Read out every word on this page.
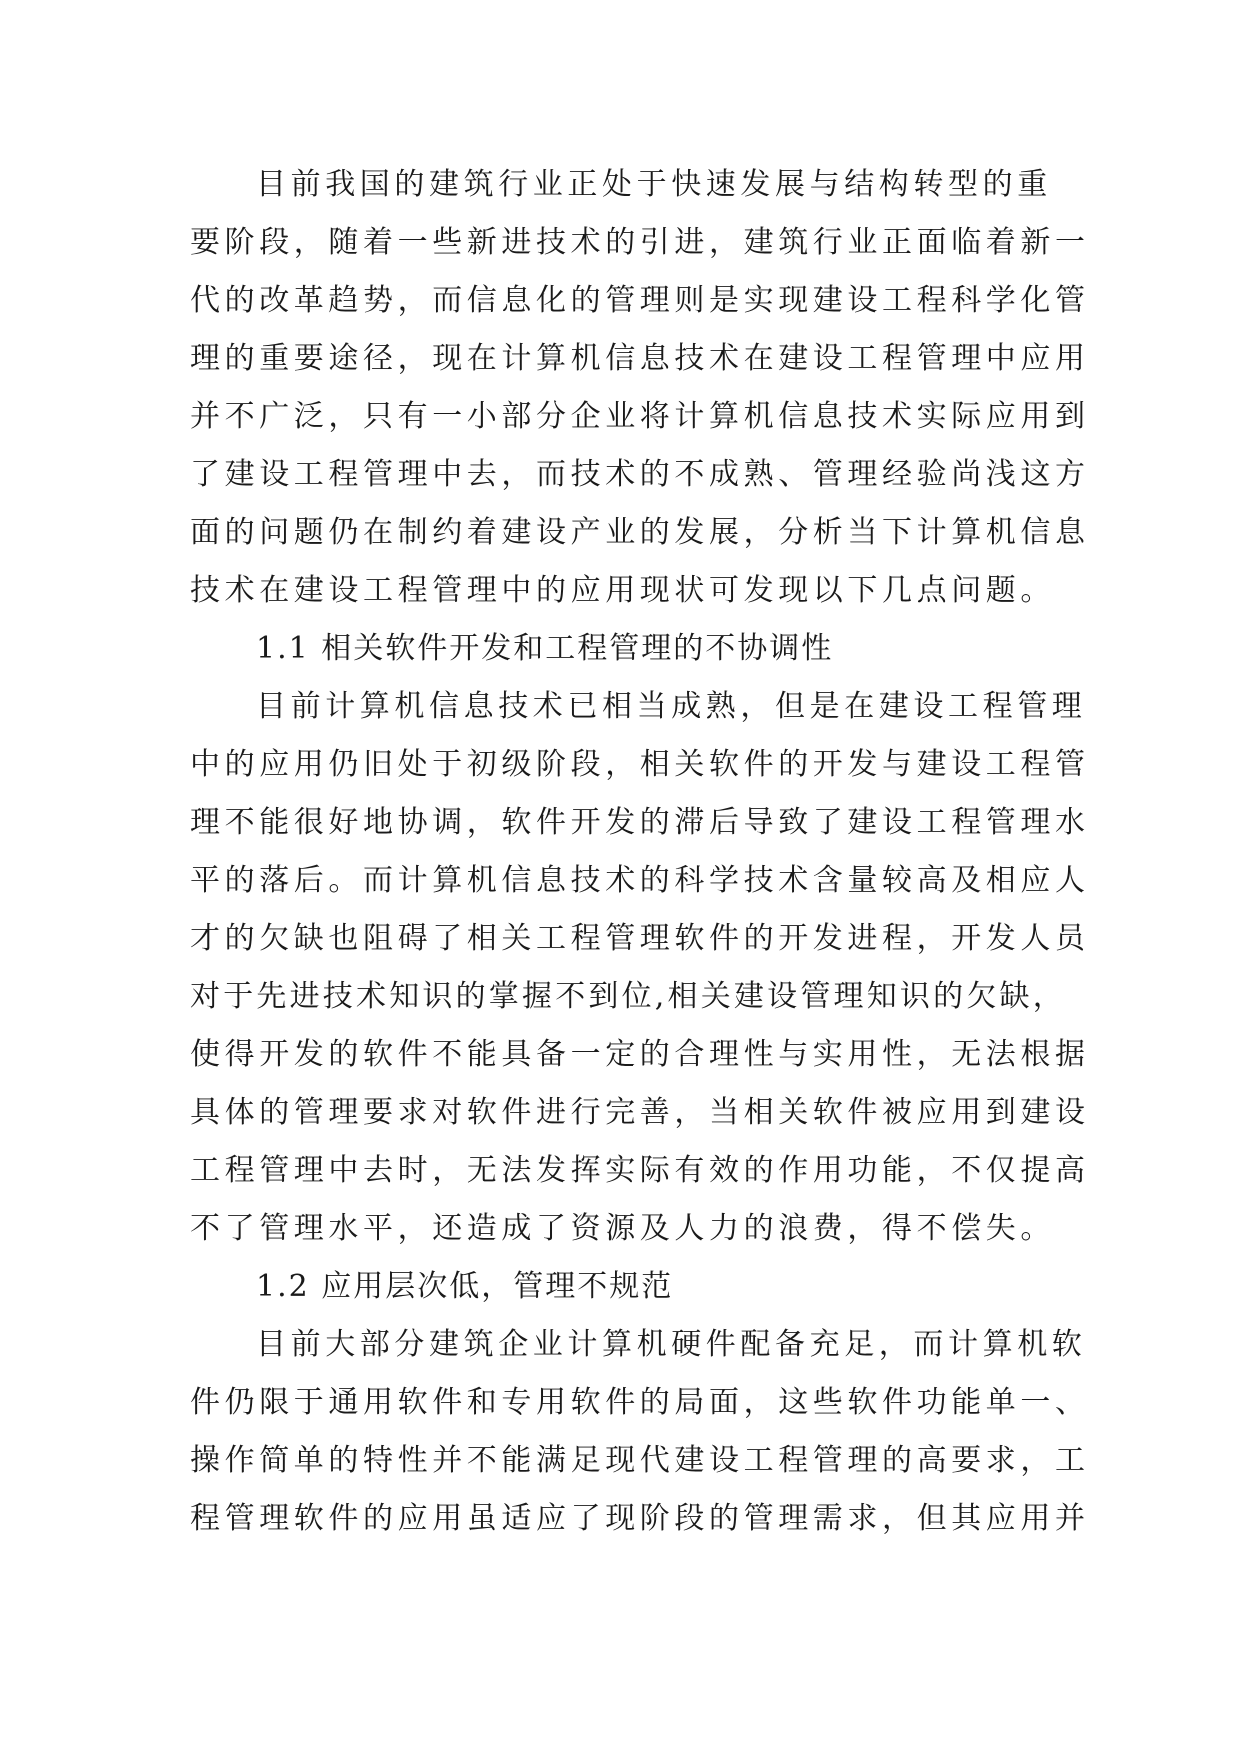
目前我国的建筑行业正处于快速发展与结构转型的重
要阶段，随着一些新进技术的引进，建筑行业正面临着新一
代的改革趋势，而信息化的管理则是实现建设工程科学化管
理的重要途径，现在计算机信息技术在建设工程管理中应用
并不广泛，只有一小部分企业将计算机信息技术实际应用到
了建设工程管理中去，而技术的不成熟、管理经验尚浅这方
面的问题仍在制约着建设产业的发展，分析当下计算机信息
技术在建设工程管理中的应用现状可发现以下几点问题。
1.1 相关软件开发和工程管理的不协调性
目前计算机信息技术已相当成熟，但是在建设工程管理
中的应用仍旧处于初级阶段，相关软件的开发与建设工程管
理不能很好地协调，软件开发的滞后导致了建设工程管理水
平的落后。而计算机信息技术的科学技术含量较高及相应人
才的欠缺也阻碍了相关工程管理软件的开发进程，开发人员
对于先进技术知识的掌握不到位,相关建设管理知识的欠缺，
使得开发的软件不能具备一定的合理性与实用性，无法根据
具体的管理要求对软件进行完善，当相关软件被应用到建设
工程管理中去时，无法发挥实际有效的作用功能，不仅提高
不了管理水平，还造成了资源及人力的浪费，得不偿失。
1.2 应用层次低，管理不规范
目前大部分建筑企业计算机硬件配备充足，而计算机软
件仍限于通用软件和专用软件的局面，这些软件功能单一、
操作简单的特性并不能满足现代建设工程管理的高要求，工
程管理软件的应用虽适应了现阶段的管理需求，但其应用并
